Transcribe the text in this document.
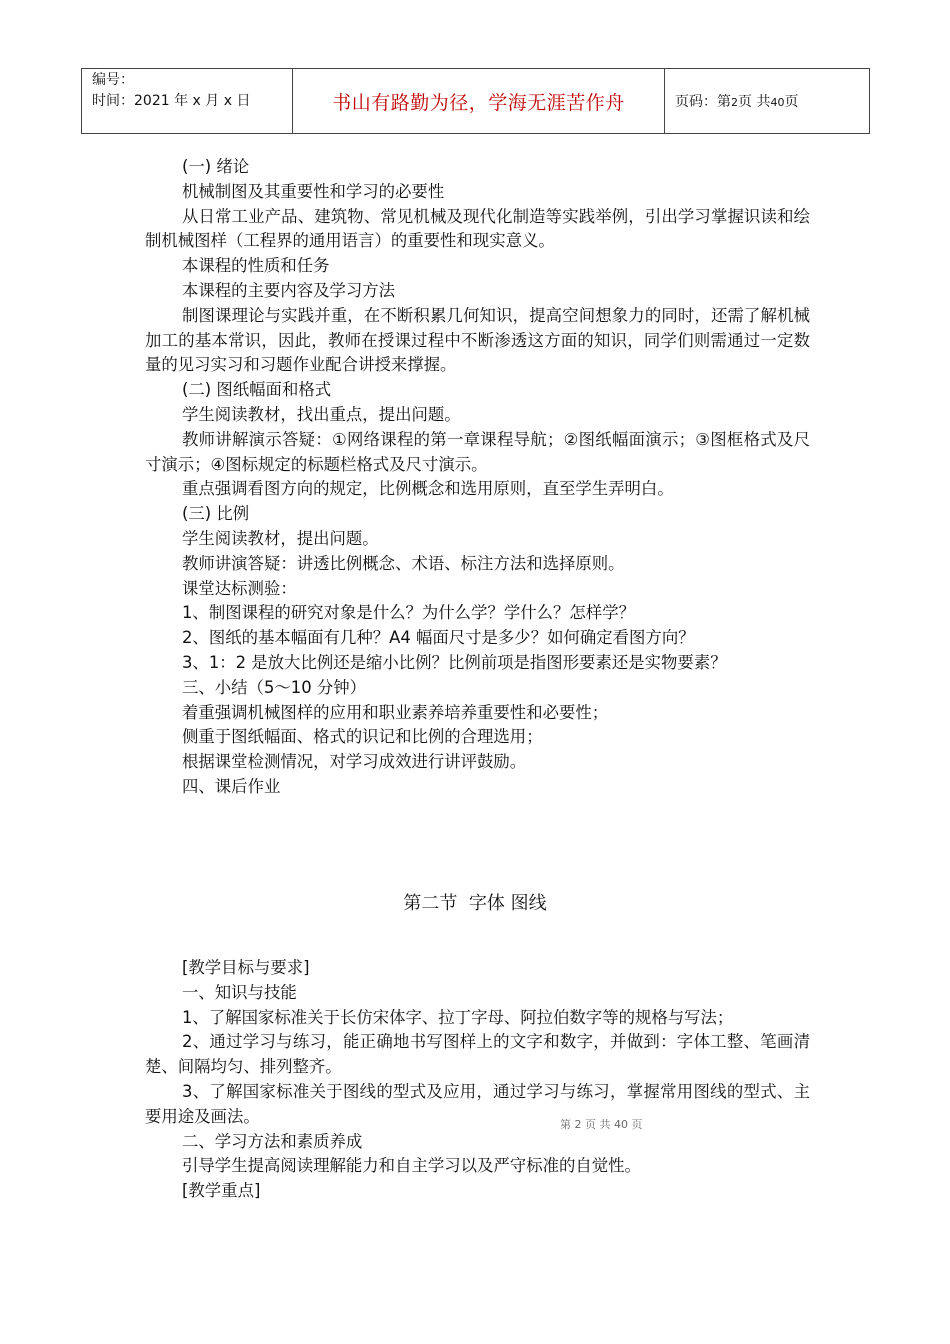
编号：
时间：2021 年 x 月 x 日	书山有路勤为径，学海无涯苦作舟	页码：第2页 共40页

(一) 绪论

机械制图及其重要性和学习的必要性

从日常工业产品、建筑物、常见机械及现代化制造等实践举例，引出学习掌握识读和绘制机械图样（工程界的通用语言）的重要性和现实意义。

本课程的性质和任务

本课程的主要内容及学习方法

制图课理论与实践并重，在不断积累几何知识，提高空间想象力的同时，还需了解机械加工的基本常识，因此，教师在授课过程中不断渗透这方面的知识，同学们则需通过一定数量的见习实习和习题作业配合讲授来撑握。

(二) 图纸幅面和格式

学生阅读教材，找出重点，提出问题。

教师讲解演示答疑：①网络课程的第一章课程导航；②图纸幅面演示；③图框格式及尺寸演示；④图标规定的标题栏格式及尺寸演示。

重点强调看图方向的规定，比例概念和选用原则，直至学生弄明白。

(三) 比例

学生阅读教材，提出问题。

教师讲演答疑：讲透比例概念、术语、标注方法和选择原则。

课堂达标测验：

1、制图课程的研究对象是什么？为什么学？学什么？怎样学？

2、图纸的基本幅面有几种？A4 幅面尺寸是多少？如何确定看图方向？

3、1：2 是放大比例还是缩小比例？比例前项是指图形要素还是实物要素？

三、小结（5～10 分钟）

着重强调机械图样的应用和职业素养培养重要性和必要性；

侧重于图纸幅面、格式的识记和比例的合理选用；

根据课堂检测情况，对学习成效进行讲评鼓励。

四、课后作业

第二节  字体 图线

[教学目标与要求]

一、知识与技能

1、了解国家标准关于长仿宋体字、拉丁字母、阿拉伯数字等的规格与写法；

2、通过学习与练习，能正确地书写图样上的文字和数字，并做到：字体工整、笔画清楚、间隔均匀、排列整齐。

3、了解国家标准关于图线的型式及应用，通过学习与练习，掌握常用图线的型式、主要用途及画法。

二、学习方法和素质养成

引导学生提高阅读理解能力和自主学习以及严守标准的自觉性。

[教学重点]

第 2 页 共 40 页
